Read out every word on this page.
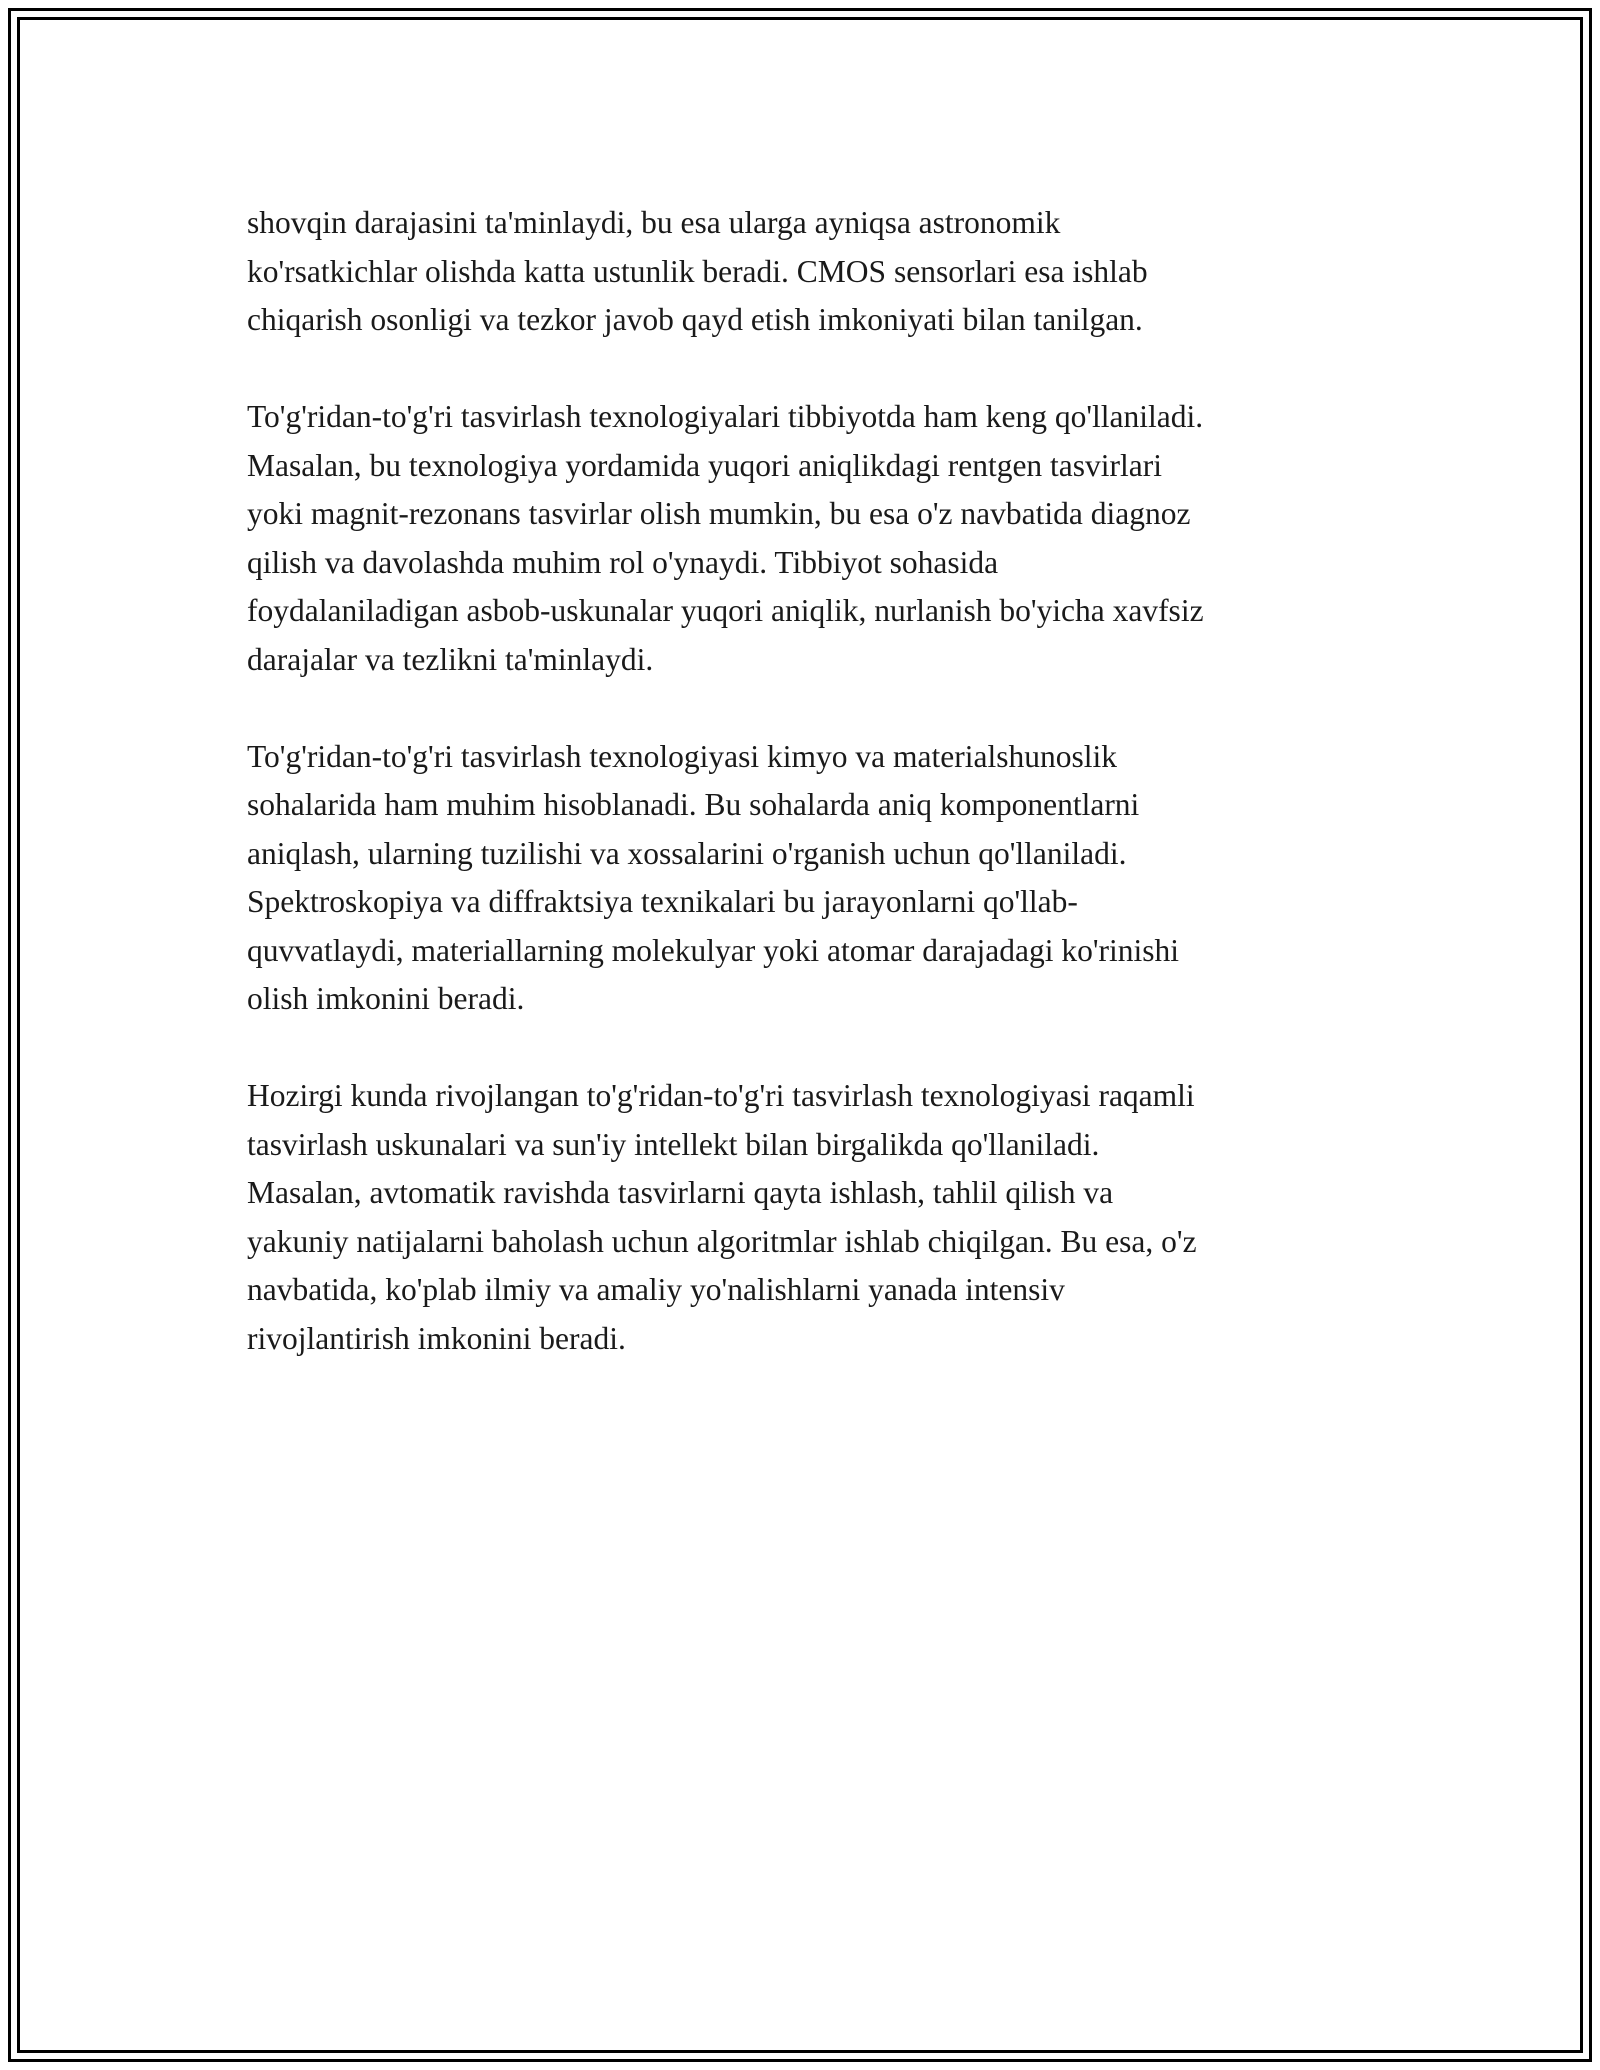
shovqin darajasini ta'minlaydi, bu esa ularga ayniqsa astronomik
ko'rsatkichlar olishda katta ustunlik beradi. CMOS sensorlari esa ishlab
chiqarish osonligi va tezkor javob qayd etish imkoniyati bilan tanilgan.

To'g'ridan-to'g'ri tasvirlash texnologiyalari tibbiyotda ham keng qo'llaniladi.
Masalan, bu texnologiya yordamida yuqori aniqlikdagi rentgen tasvirlari
yoki magnit-rezonans tasvirlar olish mumkin, bu esa o'z navbatida diagnoz
qilish va davolashda muhim rol o'ynaydi. Tibbiyot sohasida
foydalaniladigan asbob-uskunalar yuqori aniqlik, nurlanish bo'yicha xavfsiz
darajalar va tezlikni ta'minlaydi.

To'g'ridan-to'g'ri tasvirlash texnologiyasi kimyo va materialshunoslik
sohalarida ham muhim hisoblanadi. Bu sohalarda aniq komponentlarni
aniqlash, ularning tuzilishi va xossalarini o'rganish uchun qo'llaniladi.
Spektroskopiya va diffraktsiya texnikalari bu jarayonlarni qo'llab-
quvvatlaydi, materiallarning molekulyar yoki atomar darajadagi ko'rinishi
olish imkonini beradi.

Hozirgi kunda rivojlangan to'g'ridan-to'g'ri tasvirlash texnologiyasi raqamli
tasvirlash uskunalari va sun'iy intellekt bilan birgalikda qo'llaniladi.
Masalan, avtomatik ravishda tasvirlarni qayta ishlash, tahlil qilish va
yakuniy natijalarni baholash uchun algoritmlar ishlab chiqilgan. Bu esa, o'z
navbatida, ko'plab ilmiy va amaliy yo'nalishlarni yanada intensiv
rivojlantirish imkonini beradi.
